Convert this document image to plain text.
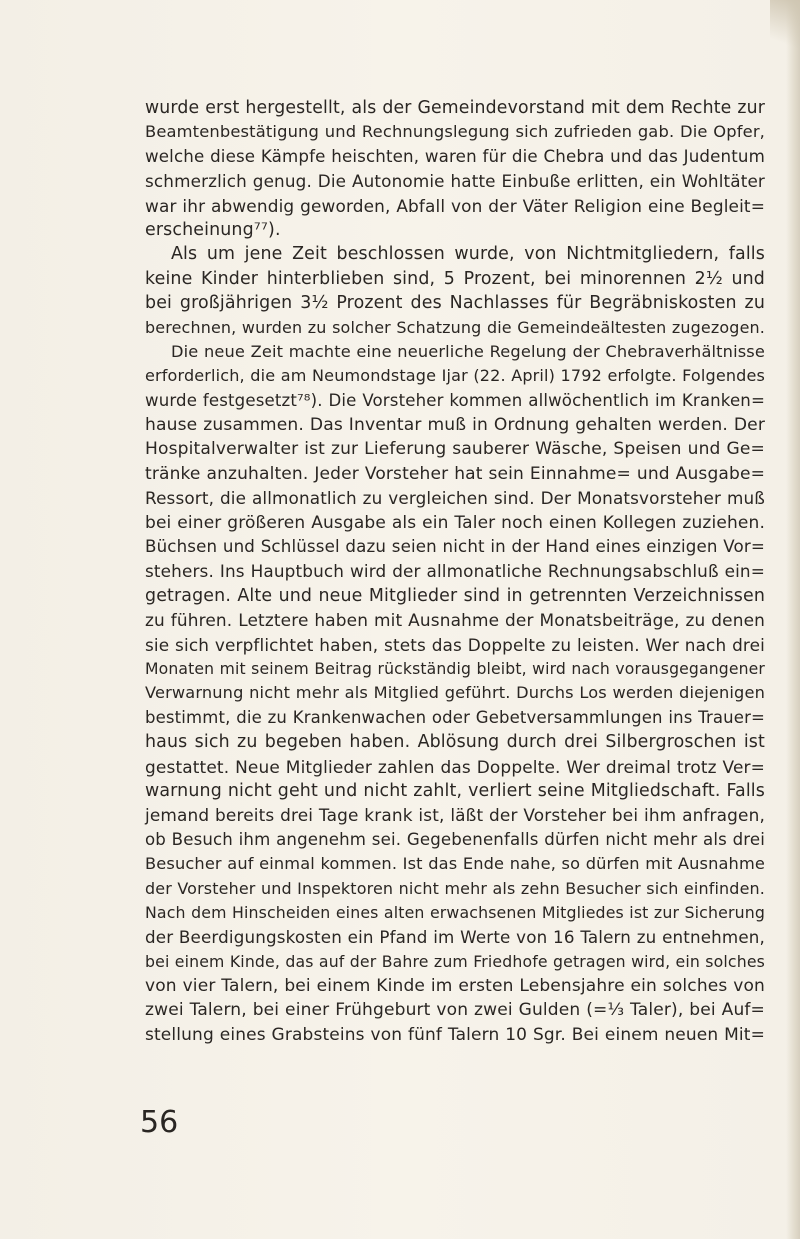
wurde erst hergestellt, als der Gemeindevorstand mit dem Rechte zur
Beamtenbestätigung und Rechnungslegung sich zufrieden gab. Die Opfer,
welche diese Kämpfe heischten, waren für die Chebra und das Judentum
schmerzlich genug. Die Autonomie hatte Einbuße erlitten, ein Wohltäter
war ihr abwendig geworden, Abfall von der Väter Religion eine Begleit=
erscheinung⁷⁷).
Als um jene Zeit beschlossen wurde, von Nichtmitgliedern, falls
keine Kinder hinterblieben sind, 5 Prozent, bei minorennen 2½ und
bei großjährigen 3½ Prozent des Nachlasses für Begräbniskosten zu
berechnen, wurden zu solcher Schatzung die Gemeindeältesten zugezogen.
Die neue Zeit machte eine neuerliche Regelung der Chebraverhältnisse
erforderlich, die am Neumondstage Ijar (22. April) 1792 erfolgte. Folgendes
wurde festgesetzt⁷⁸). Die Vorsteher kommen allwöchentlich im Kranken=
hause zusammen. Das Inventar muß in Ordnung gehalten werden. Der
Hospitalverwalter ist zur Lieferung sauberer Wäsche, Speisen und Ge=
tränke anzuhalten. Jeder Vorsteher hat sein Einnahme= und Ausgabe=
Ressort, die allmonatlich zu vergleichen sind. Der Monatsvorsteher muß
bei einer größeren Ausgabe als ein Taler noch einen Kollegen zuziehen.
Büchsen und Schlüssel dazu seien nicht in der Hand eines einzigen Vor=
stehers. Ins Hauptbuch wird der allmonatliche Rechnungsabschluß ein=
getragen. Alte und neue Mitglieder sind in getrennten Verzeichnissen
zu führen. Letztere haben mit Ausnahme der Monatsbeiträge, zu denen
sie sich verpflichtet haben, stets das Doppelte zu leisten. Wer nach drei
Monaten mit seinem Beitrag rückständig bleibt, wird nach vorausgegangener
Verwarnung nicht mehr als Mitglied geführt. Durchs Los werden diejenigen
bestimmt, die zu Krankenwachen oder Gebetversammlungen ins Trauer=
haus sich zu begeben haben. Ablösung durch drei Silbergroschen ist
gestattet. Neue Mitglieder zahlen das Doppelte. Wer dreimal trotz Ver=
warnung nicht geht und nicht zahlt, verliert seine Mitgliedschaft. Falls
jemand bereits drei Tage krank ist, läßt der Vorsteher bei ihm anfragen,
ob Besuch ihm angenehm sei. Gegebenenfalls dürfen nicht mehr als drei
Besucher auf einmal kommen. Ist das Ende nahe, so dürfen mit Ausnahme
der Vorsteher und Inspektoren nicht mehr als zehn Besucher sich einfinden.
Nach dem Hinscheiden eines alten erwachsenen Mitgliedes ist zur Sicherung
der Beerdigungskosten ein Pfand im Werte von 16 Talern zu entnehmen,
bei einem Kinde, das auf der Bahre zum Friedhofe getragen wird, ein solches
von vier Talern, bei einem Kinde im ersten Lebensjahre ein solches von
zwei Talern, bei einer Frühgeburt von zwei Gulden (=⅓ Taler), bei Auf=
stellung eines Grabsteins von fünf Talern 10 Sgr. Bei einem neuen Mit=
56
